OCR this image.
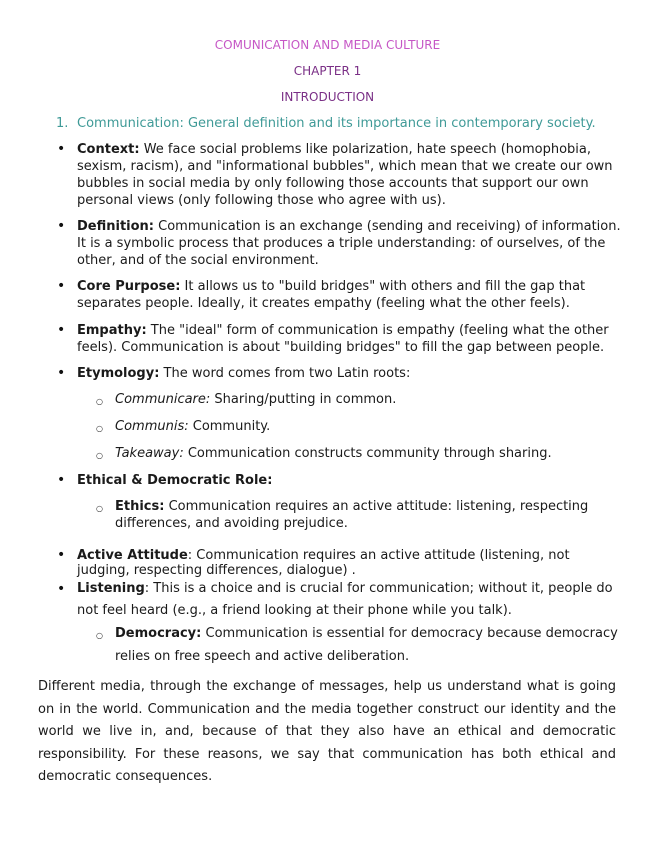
COMUNICATION AND MEDIA CULTURE
CHAPTER 1
INTRODUCTION
1. Communication: General definition and its importance in contemporary society.
• Context: We face social problems like polarization, hate speech (homophobia, sexism, racism), and "informational bubbles", which mean that we create our own bubbles in social media by only following those accounts that support our own personal views (only following those who agree with us).
• Definition: Communication is an exchange (sending and receiving) of information. It is a symbolic process that produces a triple understanding: of ourselves, of the other, and of the social environment.
• Core Purpose: It allows us to "build bridges" with others and fill the gap that separates people. Ideally, it creates empathy (feeling what the other feels).
• Empathy: The "ideal" form of communication is empathy (feeling what the other feels). Communication is about "building bridges" to fill the gap between people.
• Etymology: The word comes from two Latin roots:
○ Communicare: Sharing/putting in common.
○ Communis: Community.
○ Takeaway: Communication constructs community through sharing.
• Ethical & Democratic Role:
○ Ethics: Communication requires an active attitude: listening, respecting differences, and avoiding prejudice.
• Active Attitude: Communication requires an active attitude (listening, not judging, respecting differences, dialogue) .
• Listening: This is a choice and is crucial for communication; without it, people do not feel heard (e.g., a friend looking at their phone while you talk).
○ Democracy: Communication is essential for democracy because democracy relies on free speech and active deliberation.
Different media, through the exchange of messages, help us understand what is going on in the world. Communication and the media together construct our identity and the world we live in, and, because of that they also have an ethical and democratic responsibility. For these reasons, we say that communication has both ethical and democratic consequences.
